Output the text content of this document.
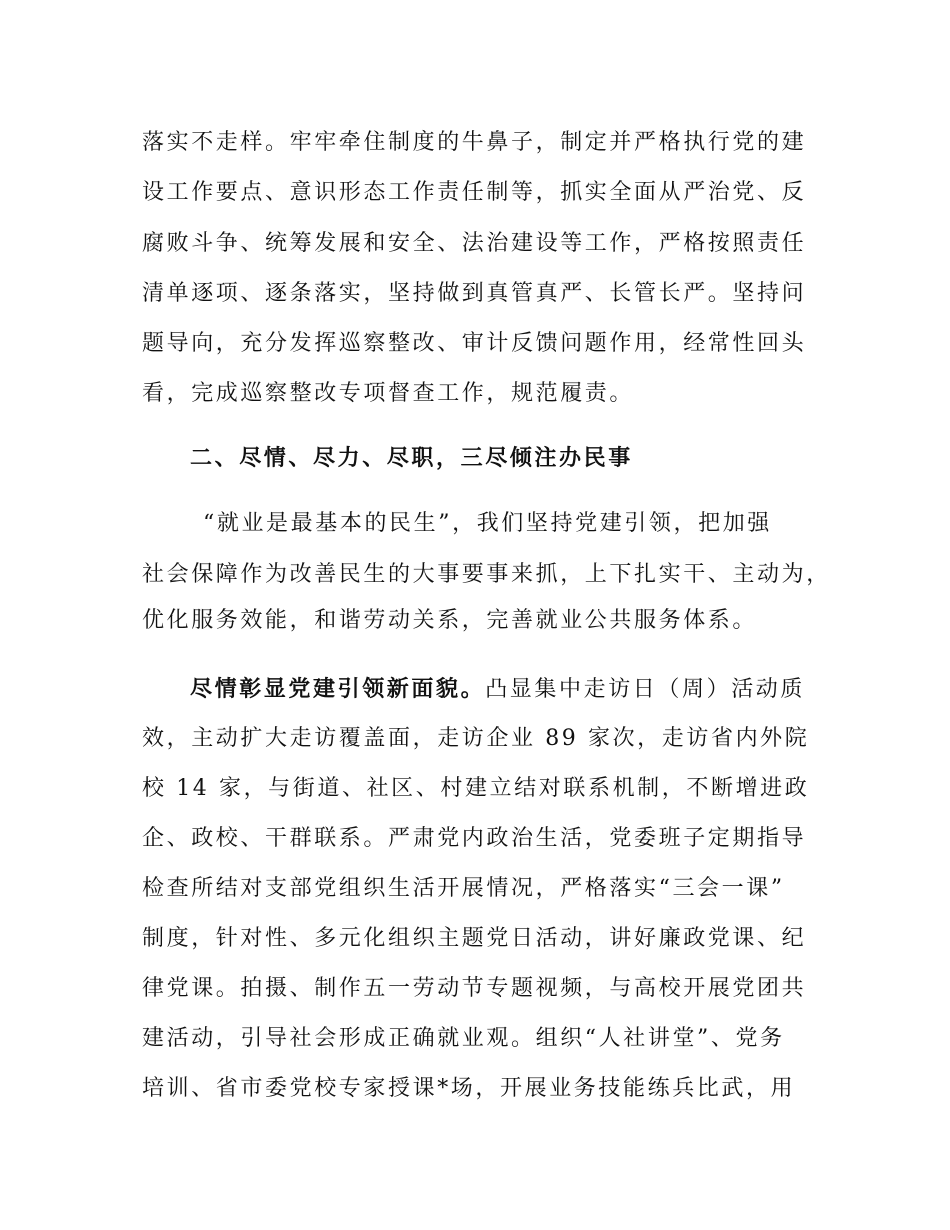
落实不走样。牢牢牵住制度的牛鼻子，制定并严格执行党的建
设工作要点、意识形态工作责任制等，抓实全面从严治党、反
腐败斗争、统筹发展和安全、法治建设等工作，严格按照责任
清单逐项、逐条落实，坚持做到真管真严、长管长严。坚持问
题导向，充分发挥巡察整改、审计反馈问题作用，经常性回头
看，完成巡察整改专项督查工作，规范履责。
二、尽情、尽力、尽职，三尽倾注办民事
“就业是最基本的民生”，我们坚持党建引领，把加强
社会保障作为改善民生的大事要事来抓，上下扎实干、主动为，
优化服务效能，和谐劳动关系，完善就业公共服务体系。
尽情彰显党建引领新面貌。凸显集中走访日（周）活动质
效，主动扩大走访覆盖面，走访企业 89 家次，走访省内外院
校 14 家，与街道、社区、村建立结对联系机制，不断增进政
企、政校、干群联系。严肃党内政治生活，党委班子定期指导
检查所结对支部党组织生活开展情况，严格落实“三会一课”
制度，针对性、多元化组织主题党日活动，讲好廉政党课、纪
律党课。拍摄、制作五一劳动节专题视频，与高校开展党团共
建活动，引导社会形成正确就业观。组织“人社讲堂”、党务
培训、省市委党校专家授课*场，开展业务技能练兵比武，用
